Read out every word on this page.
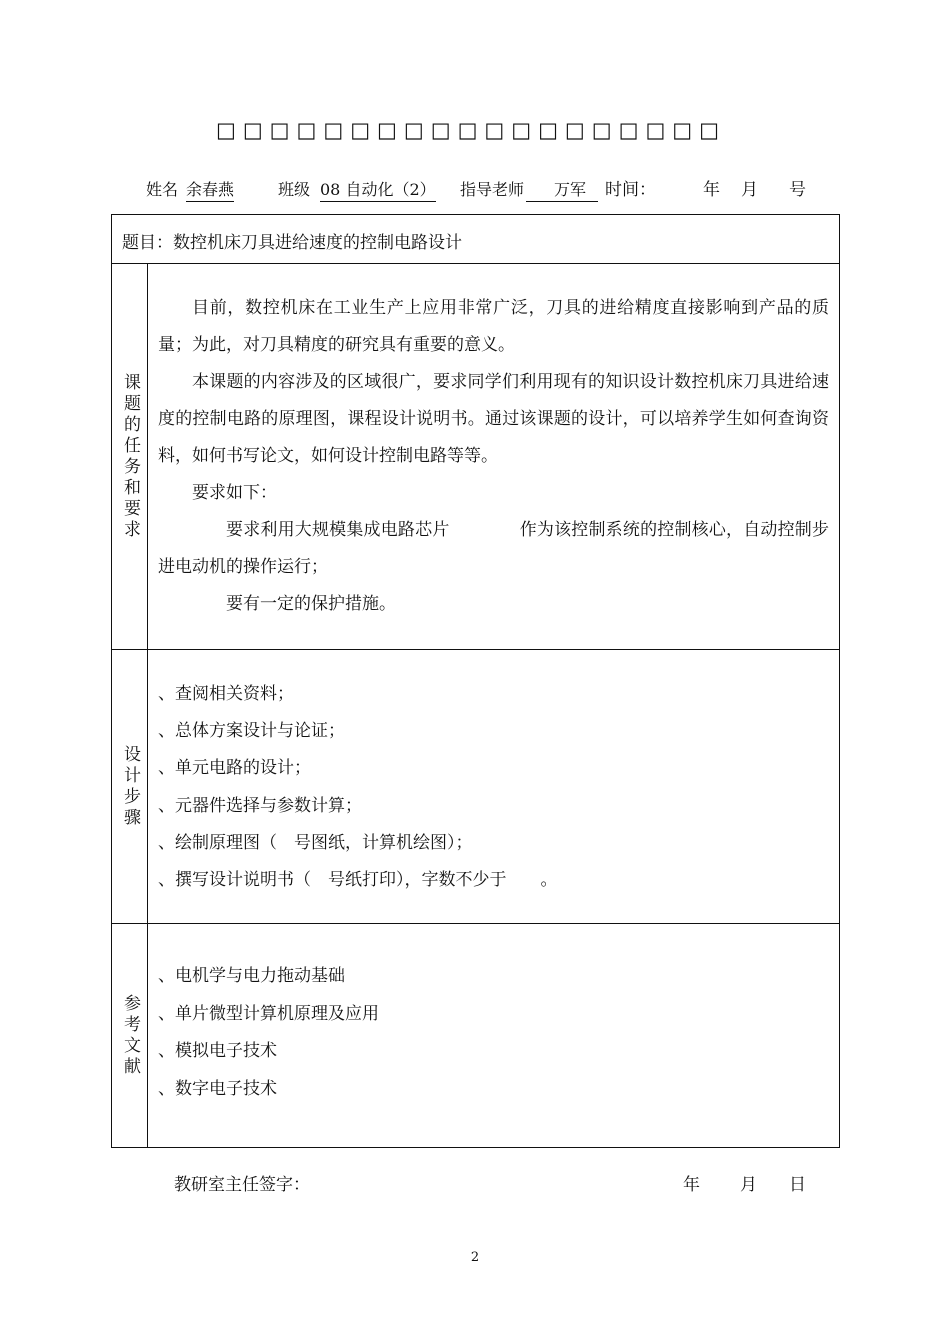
□□□□□□□□□□□□□□□□□□□
姓名 余春燕	班级 08 自动化（2） 指导老师	万军	时间：	年 月 号
题目：数控机床刀具进给速度的控制电路设计
课题的任务和要求

目前，数控机床在工业生产上应用非常广泛，刀具的进给精度直接影响到产品的质量；为此，对刀具精度的研究具有重要的意义。

本课题的内容涉及的区域很广，要求同学们利用现有的知识设计数控机床刀具进给速度的控制电路的原理图，课程设计说明书。通过该课题的设计，可以培养学生如何查询资料，如何书写论文，如何设计控制电路等等。

要求如下：

要求利用大规模集成电路芯片	作为该控制系统的控制核心，自动控制步进电动机的操作运行；

要有一定的保护措施。

设计步骤
、查阅相关资料；
、总体方案设计与论证；
、单元电路的设计；
、元器件选择与参数计算；
、绘制原理图（　号图纸，计算机绘图）；
、撰写设计说明书（　号纸打印），字数不少于　　。
参考文献
、电机学与电力拖动基础
、单片微型计算机原理及应用
、模拟电子技术
、数字电子技术
教研室主任签字：	年 月 日
2
